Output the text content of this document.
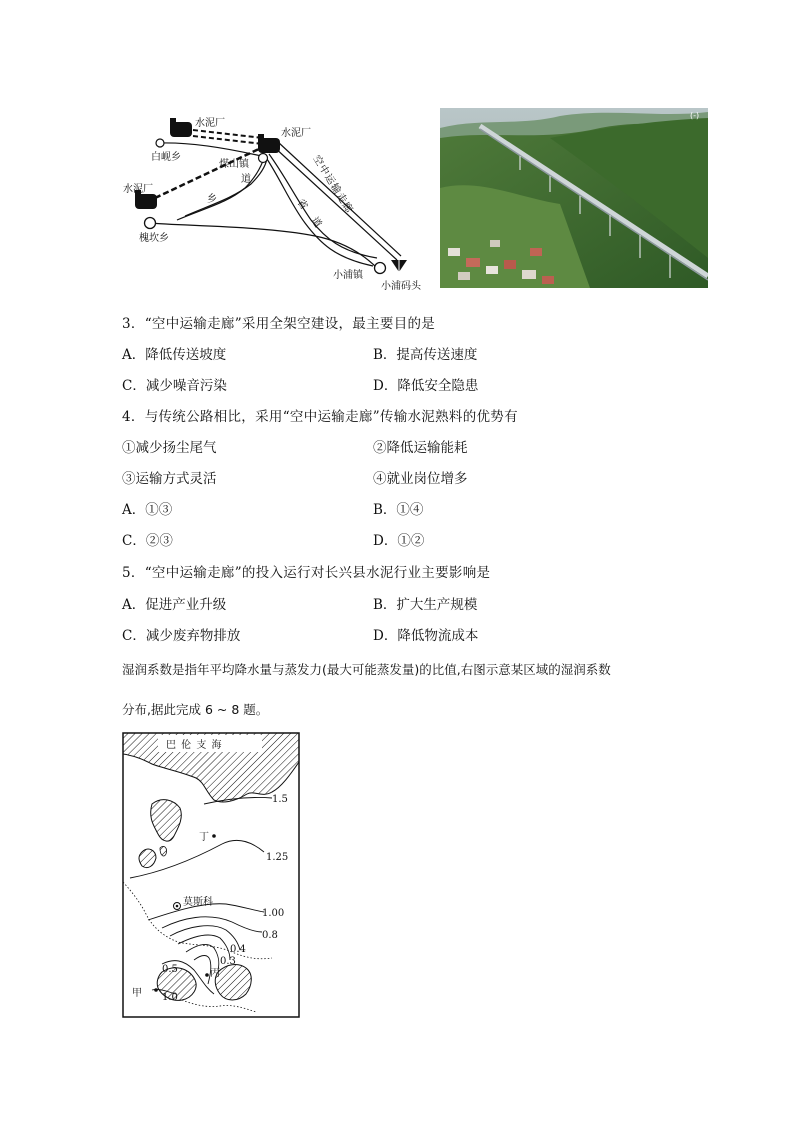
水泥厂
水泥厂
水泥厂
白岘乡
煤山镇
槐坎乡
小浦镇
小浦码头
乡
道
省
道
空中运输走廊
(-)
3．“空中运输走廊”采用全架空建设，最主要目的是
A．降低传送坡度	B．提高传送速度
C．减少噪音污染	D．降低安全隐患
4．与传统公路相比，采用“空中运输走廊”传输水泥熟料的优势有
①减少扬尘尾气	②降低运输能耗
③运输方式灵活	④就业岗位增多
A．①③	B．①④
C．②③	D．①②
5．“空中运输走廊”的投入运行对长兴县水泥行业主要影响是
A．促进产业升级	B．扩大生产规模
C．减少废弃物排放	D．降低物流成本
湿润系数是指年平均降水量与蒸发力(最大可能蒸发量)的比值,右图示意某区域的湿润系数
分布,据此完成 6 ~ 8 题。
巴 伦 支 海
莫斯科
丁
丙
甲
1.5
1.25
1.00
0.8
0.4
0.3
0.5
1.0
